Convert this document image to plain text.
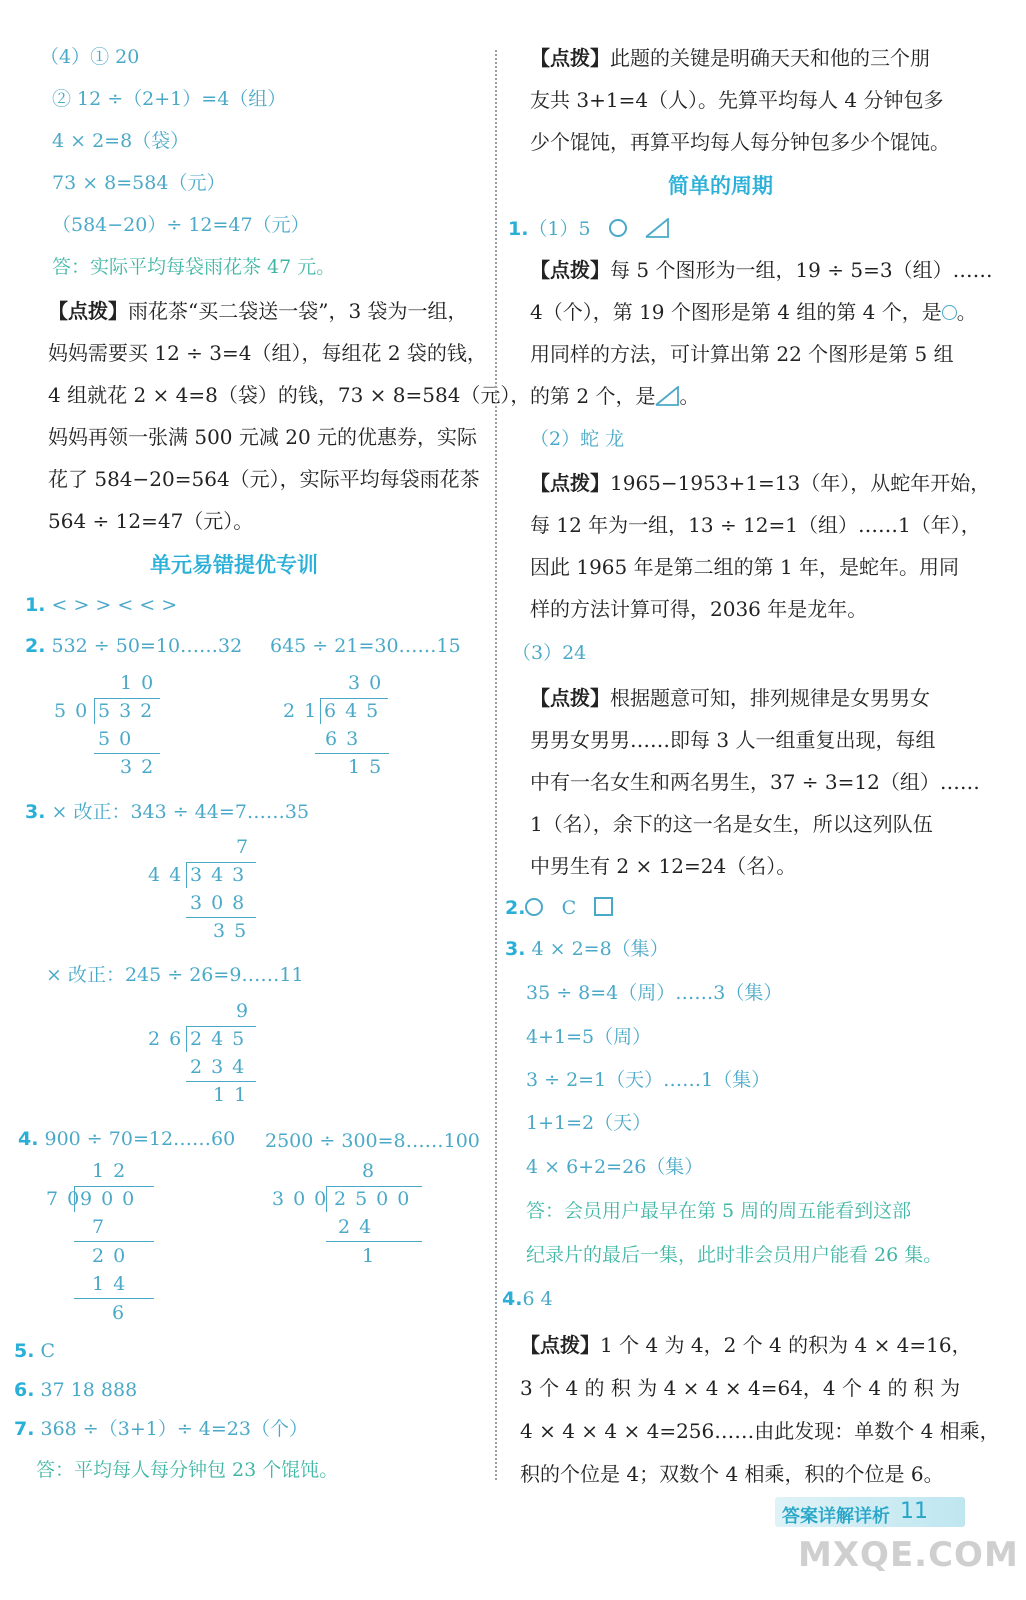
（4）① 20
② 12 ÷（2+1）=4（组）
4 × 2=8（袋）
73 × 8=584（元）
（584−20）÷ 12=47（元）
答：实际平均每袋雨花茶 47 元。
【点拨】雨花茶“买二袋送一袋”，3 袋为一组，
妈妈需要买 12 ÷ 3=4（组），每组花 2 袋的钱，
4 组就花 2 × 4=8（袋）的钱，73 × 8=584（元），
妈妈再领一张满 500 元减 20 元的优惠券，实际
花了 584−20=564（元），实际平均每袋雨花茶
564 ÷ 12=47（元）。
单元易错提优专训
1. < > > < < >
2. 532 ÷ 50=10……32 645 ÷ 21=30……15
10
50 532
50
32
30
21
645
63
15
3. × 改正：343 ÷ 44=7……35
7
44 343
308
35
× 改正：245 ÷ 26=9……11
9
26 245
234
11
4. 900 ÷ 70=12……60 2500 ÷ 300=8……100
12
70
900
7
20
14
6
8
300
2500
24
1
5. C
6. 37 18 888
7. 368 ÷（3+1）÷ 4=23（个）
答：平均每人每分钟包 23 个馄饨。
【点拨】此题的关键是明确天天和他的三个朋
友共 3+1=4（人）。先算平均每人 4 分钟包多
少个馄饨，再算平均每人每分钟包多少个馄饨。
简单的周期
1.（1）5
【点拨】每 5 个图形为一组，19 ÷ 5=3（组）……
4（个），第 19 个图形是第 4 组的第 4 个，是 。
用同样的方法，可计算出第 22 个图形是第 5 组
的第 2 个，是 。
（2）蛇 龙
【点拨】1965−1953+1=13（年），从蛇年开始，
每 12 年为一组，13 ÷ 12=1（组）……1（年），
因此 1965 年是第二组的第 1 年，是蛇年。用同
样的方法计算可得，2036 年是龙年。
（3）24
【点拨】根据题意可知，排列规律是女男男女
男男女男男……即每 3 人一组重复出现，每组
中有一名女生和两名男生，37 ÷ 3=12（组）……
1（名），余下的这一名是女生，所以这列队伍
中男生有 2 × 12=24（名）。
2. C
3. 4 × 2=8（集）
35 ÷ 8=4（周）……3（集）
4+1=5（周）
3 ÷ 2=1（天）……1（集）
1+1=2（天）
4 × 6+2=26（集）
答：会员用户最早在第 5 周的周五能看到这部
纪录片的最后一集，此时非会员用户能看 26 集。
4.6 4
【点拨】1 个 4 为 4，2 个 4 的积为 4 × 4=16，
3 个 4 的 积 为 4 × 4 × 4=64，4 个 4 的 积 为
4 × 4 × 4 × 4=256……由此发现：单数个 4 相乘，
积的个位是 4；双数个 4 相乘，积的个位是 6。
答案详解详析 11
MXQE.COM
